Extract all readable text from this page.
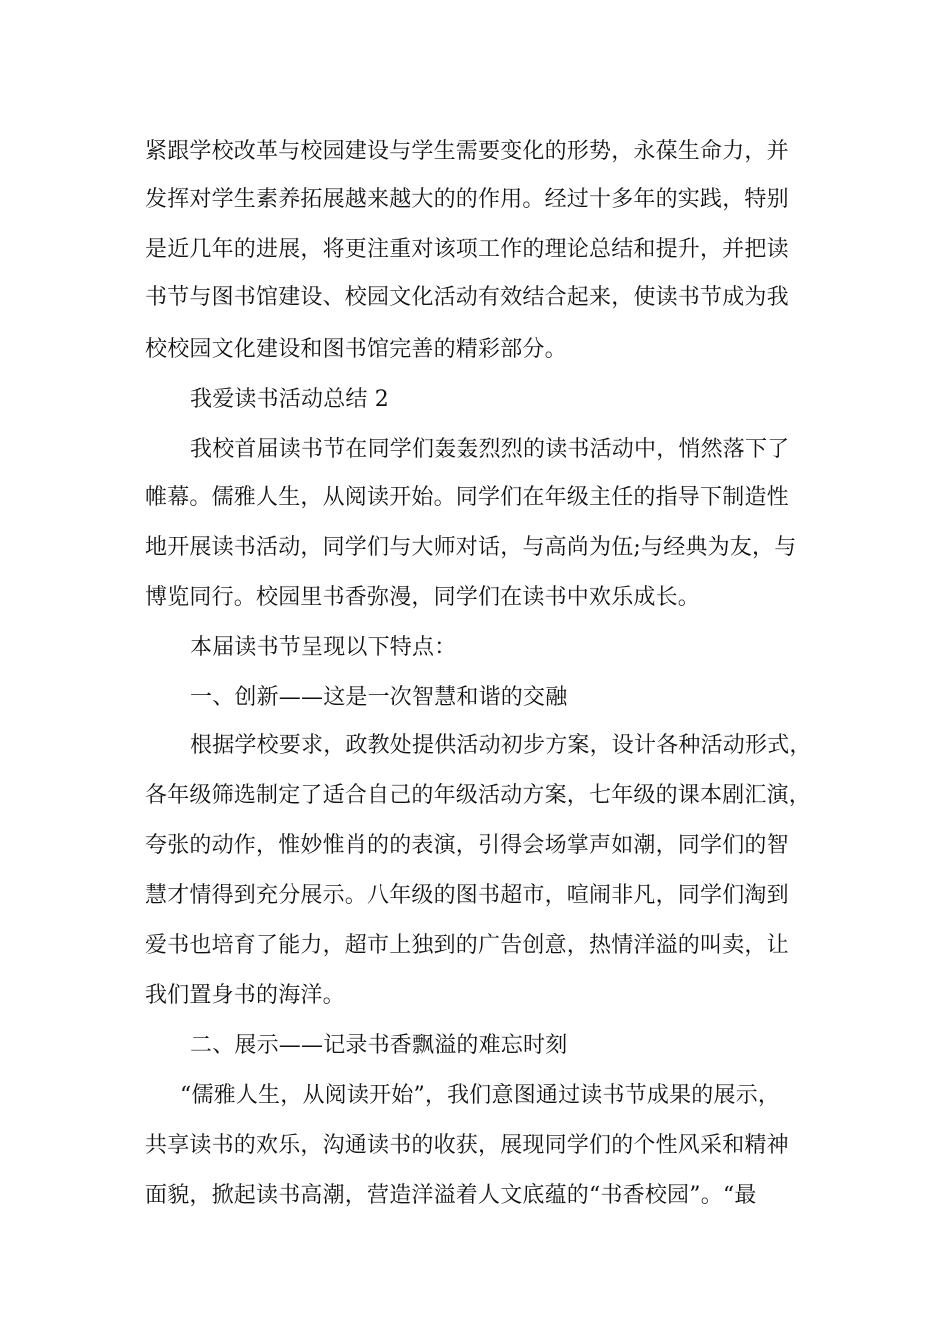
紧跟学校改革与校园建设与学生需要变化的形势，永葆生命力，并
发挥对学生素养拓展越来越大的的作用。经过十多年的实践，特别
是近几年的进展，将更注重对该项工作的理论总结和提升，并把读
书节与图书馆建设、校园文化活动有效结合起来，使读书节成为我
校校园文化建设和图书馆完善的精彩部分。
我爱读书活动总结 2
我校首届读书节在同学们轰轰烈烈的读书活动中，悄然落下了
帷幕。儒雅人生，从阅读开始。同学们在年级主任的指导下制造性
地开展读书活动，同学们与大师对话，与高尚为伍;与经典为友，与
博览同行。校园里书香弥漫，同学们在读书中欢乐成长。
本届读书节呈现以下特点：
一、创新——这是一次智慧和谐的交融
根据学校要求，政教处提供活动初步方案，设计各种活动形式，
各年级筛选制定了适合自己的年级活动方案，七年级的课本剧汇演，
夸张的动作，惟妙惟肖的的表演，引得会场掌声如潮，同学们的智
慧才情得到充分展示。八年级的图书超市，喧闹非凡，同学们淘到
爱书也培育了能力，超市上独到的广告创意，热情洋溢的叫卖，让
我们置身书的海洋。
二、展示——记录书香飘溢的难忘时刻
“儒雅人生，从阅读开始”，我们意图通过读书节成果的展示，
共享读书的欢乐，沟通读书的收获，展现同学们的个性风采和精神
面貌，掀起读书高潮，营造洋溢着人文底蕴的“书香校园”。“最
